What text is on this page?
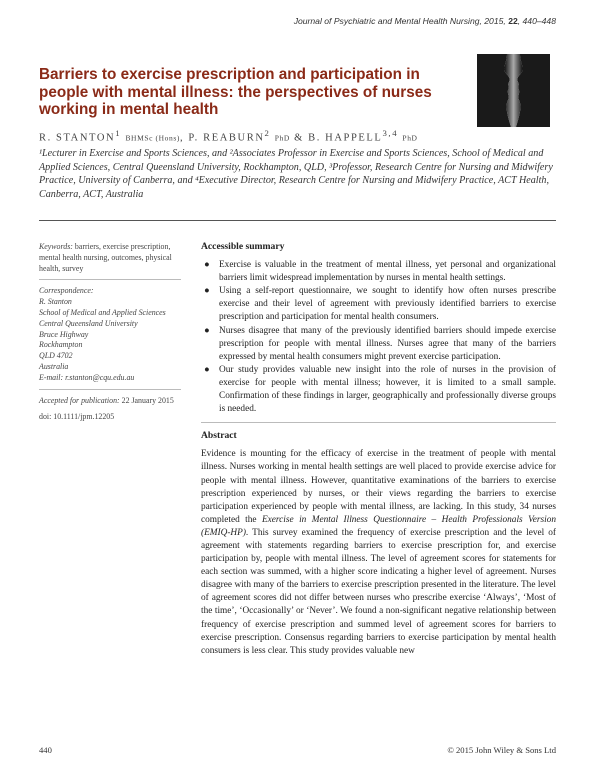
Journal of Psychiatric and Mental Health Nursing, 2015, 22, 440–448
Barriers to exercise prescription and participation in people with mental illness: the perspectives of nurses working in mental health
R. STANTON$^1$ BHMSc (Hons), P. REABURN$^2$ PhD & B. HAPPELL$^{3,4}$ PhD
¹Lecturer in Exercise and Sports Sciences, and ²Associates Professor in Exercise and Sports Sciences, School of Medical and Applied Sciences, Central Queensland University, Rockhampton, QLD, ³Professor, Research Centre for Nursing and Midwifery Practice, University of Canberra, and ⁴Executive Director, Research Centre for Nursing and Midwifery Practice, ACT Health, Canberra, ACT, Australia
Keywords: barriers, exercise prescription, mental health nursing, outcomes, physical health, survey
Correspondence:
R. Stanton
School of Medical and Applied Sciences
Central Queensland University
Bruce Highway
Rockhampton
QLD 4702
Australia
E-mail: r.stanton@cqu.edu.au
Accepted for publication: 22 January 2015
doi: 10.1111/jpm.12205
Accessible summary
● Exercise is valuable in the treatment of mental illness, yet personal and organizational barriers limit widespread implementation by nurses in mental health settings.
● Using a self-report questionnaire, we sought to identify how often nurses prescribe exercise and their level of agreement with previously identified barriers to exercise prescription and participation for mental health consumers.
● Nurses disagree that many of the previously identified barriers should impede exercise prescription for people with mental illness. Nurses agree that many of the barriers expressed by mental health consumers might prevent exercise participation.
● Our study provides valuable new insight into the role of nurses in the provision of exercise for people with mental illness; however, it is limited to a small sample. Confirmation of these findings in larger, geographically and professionally diverse groups is needed.
Abstract

Evidence is mounting for the efficacy of exercise in the treatment of people with mental illness. Nurses working in mental health settings are well placed to provide exercise advice for people with mental illness. However, quantitative examinations of the barriers to exercise prescription experienced by nurses, or their views regarding the barriers to exercise participation experienced by people with mental illness, are lacking. In this study, 34 nurses completed the Exercise in Mental Illness Questionnaire – Health Professionals Version (EMIQ-HP). This survey examined the frequency of exercise prescription and the level of agreement with statements regarding barriers to exercise prescription for, and exercise participation by, people with mental illness. The level of agreement scores for statements for each section was summed, with a higher score indicating a higher level of agreement. Nurses disagree with many of the barriers to exercise prescription presented in the literature. The level of agreement scores did not differ between nurses who prescribe exercise ‘Always’, ‘Most of the time’, ‘Occasionally’ or ‘Never’. We found a non-significant negative relationship between frequency of exercise prescription and summed level of agreement scores for barriers to exercise prescription. Consensus regarding barriers to exercise participation by mental health consumers is less clear. This study provides valuable new

440	© 2015 John Wiley & Sons Ltd
